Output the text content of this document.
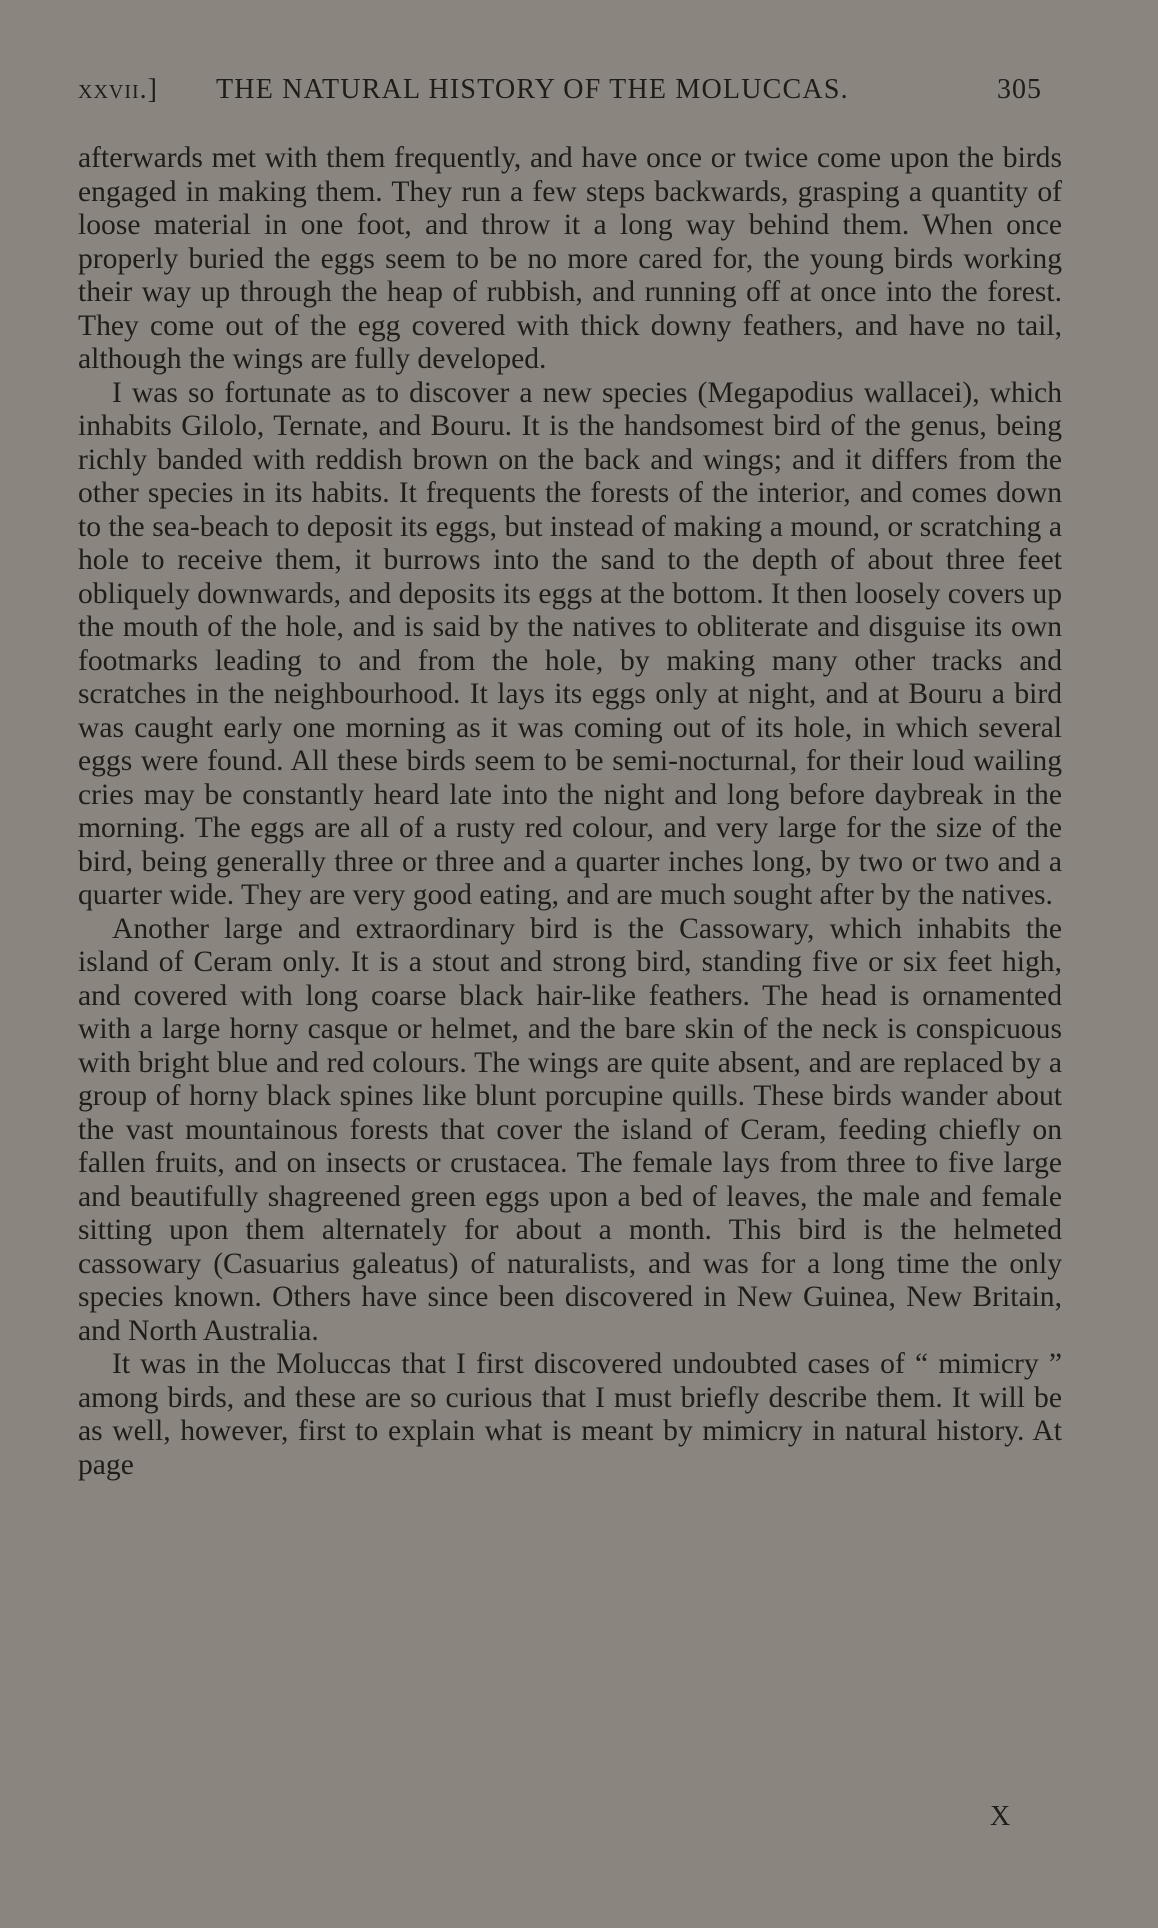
xxvii.] THE NATURAL HISTORY OF THE MOLUCCAS.	305

afterwards met with them frequently, and have once or twice come upon the birds engaged in making them. They run a few steps backwards, grasping a quantity of loose material in one foot, and throw it a long way behind them. When once properly buried the eggs seem to be no more cared for, the young birds working their way up through the heap of rubbish, and running off at once into the forest. They come out of the egg covered with thick downy feathers, and have no tail, although the wings are fully developed.

I was so fortunate as to discover a new species (Megapodius wallacei), which inhabits Gilolo, Ternate, and Bouru. It is the handsomest bird of the genus, being richly banded with reddish brown on the back and wings; and it differs from the other species in its habits. It frequents the forests of the interior, and comes down to the sea-beach to deposit its eggs, but instead of making a mound, or scratching a hole to receive them, it burrows into the sand to the depth of about three feet obliquely downwards, and deposits its eggs at the bottom. It then loosely covers up the mouth of the hole, and is said by the natives to obliterate and disguise its own footmarks leading to and from the hole, by making many other tracks and scratches in the neighbourhood. It lays its eggs only at night, and at Bouru a bird was caught early one morning as it was coming out of its hole, in which several eggs were found. All these birds seem to be semi-nocturnal, for their loud wailing cries may be constantly heard late into the night and long before daybreak in the morning. The eggs are all of a rusty red colour, and very large for the size of the bird, being generally three or three and a quarter inches long, by two or two and a quarter wide. They are very good eating, and are much sought after by the natives.

Another large and extraordinary bird is the Cassowary, which inhabits the island of Ceram only. It is a stout and strong bird, standing five or six feet high, and covered with long coarse black hair-like feathers. The head is ornamented with a large horny casque or helmet, and the bare skin of the neck is conspicuous with bright blue and red colours. The wings are quite absent, and are replaced by a group of horny black spines like blunt porcupine quills. These birds wander about the vast mountainous forests that cover the island of Ceram, feeding chiefly on fallen fruits, and on insects or crustacea. The female lays from three to five large and beautifully shagreened green eggs upon a bed of leaves, the male and female sitting upon them alternately for about a month. This bird is the helmeted cassowary (Casuarius galeatus) of naturalists, and was for a long time the only species known. Others have since been discovered in New Guinea, New Britain, and North Australia.

It was in the Moluccas that I first discovered undoubted cases of “ mimicry ” among birds, and these are so curious that I must briefly describe them. It will be as well, however, first to explain what is meant by mimicry in natural history. At page

X
